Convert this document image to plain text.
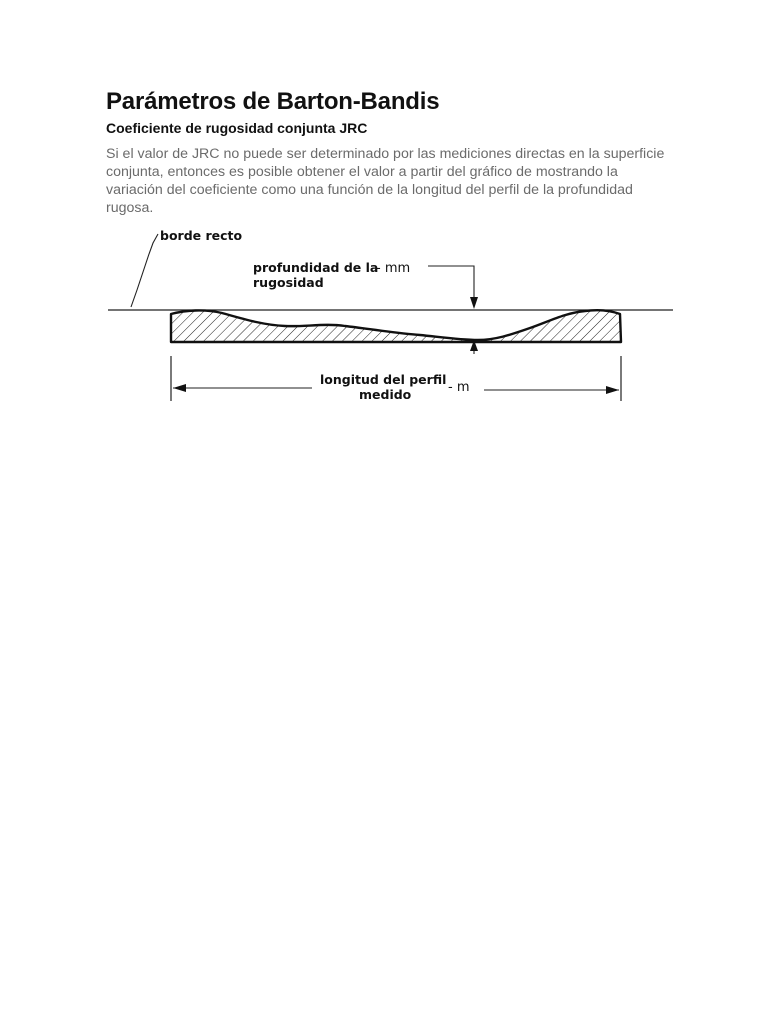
Parámetros de Barton-Bandis
Coeficiente de rugosidad conjunta JRC

Si el valor de JRC no puede ser determinado por las mediciones directas en la superficie conjunta, entonces es posible obtener el valor a partir del gráfico de mostrando la variación del coeficiente como una función de la longitud del perfil de la profundidad rugosa.

borde recto
profundidad de la
- mm
rugosidad
longitud del perfil
medido	- m
